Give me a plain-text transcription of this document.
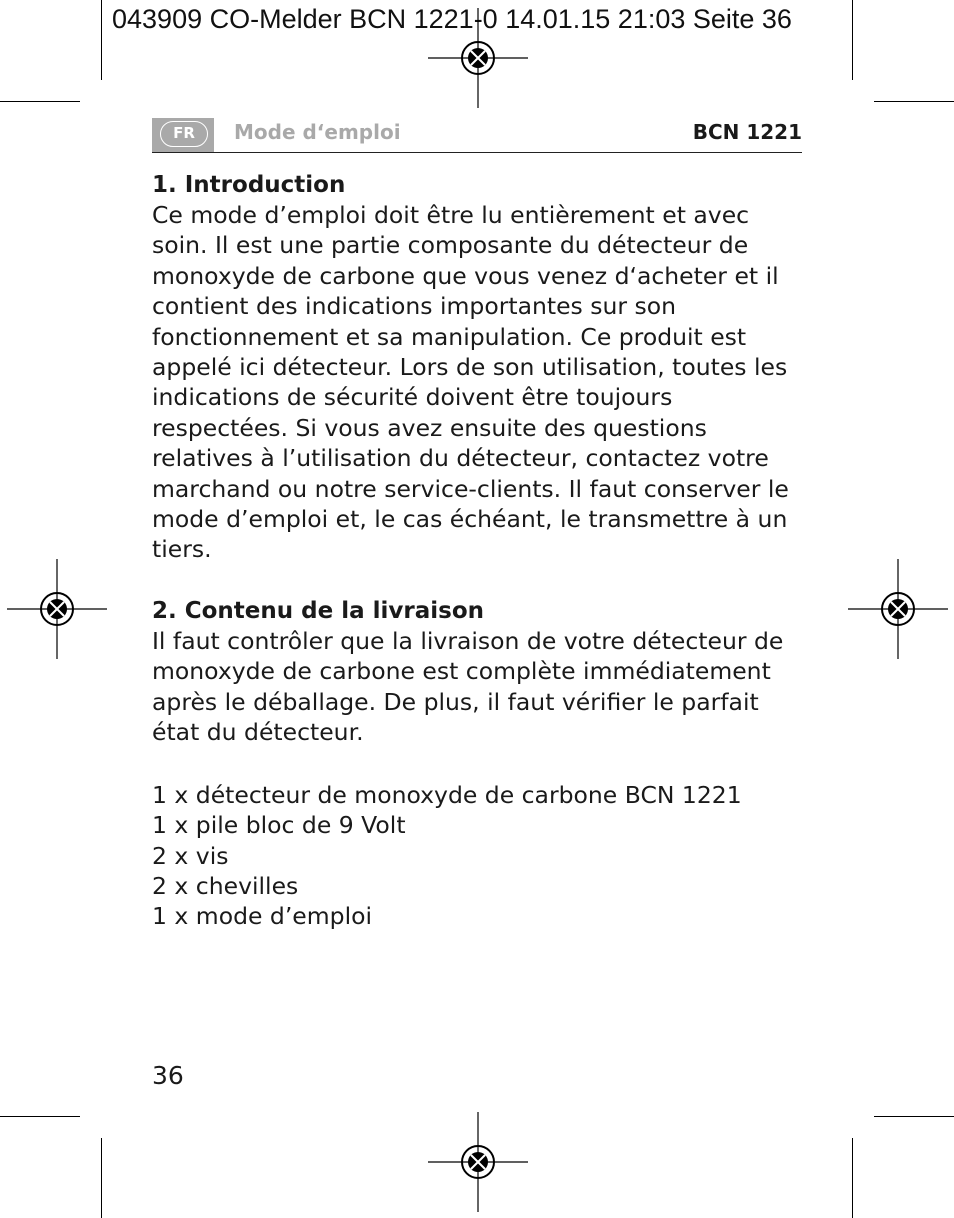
043909 CO-Melder BCN 1221-0 14.01.15 21:03 Seite 36
FR	Mode d‘emploi	BCN 1221
1. Introduction

Ce mode d’emploi doit être lu entièrement et avec soin. Il est une partie composante du détecteur de monoxyde de carbone que vous venez d‘acheter et il contient des indications importantes sur son fonctionnement et sa manipulation. Ce produit est appelé ici détecteur. Lors de son utilisation, toutes les indications de sécurité doivent être toujours respectées. Si vous avez ensuite des questions relatives à l’utilisation du détecteur, contactez votre marchand ou notre service-clients. Il faut conserver le mode d’emploi et, le cas échéant, le transmettre à un tiers.

2. Contenu de la livraison

Il faut contrôler que la livraison de votre détecteur de monoxyde de carbone est complète immédiatement après le déballage. De plus, il faut vérifier le parfait état du détecteur.

1 x détecteur de monoxyde de carbone BCN 1221
1 x pile bloc de 9 Volt
2 x vis
2 x chevilles
1 x mode d’emploi
36
